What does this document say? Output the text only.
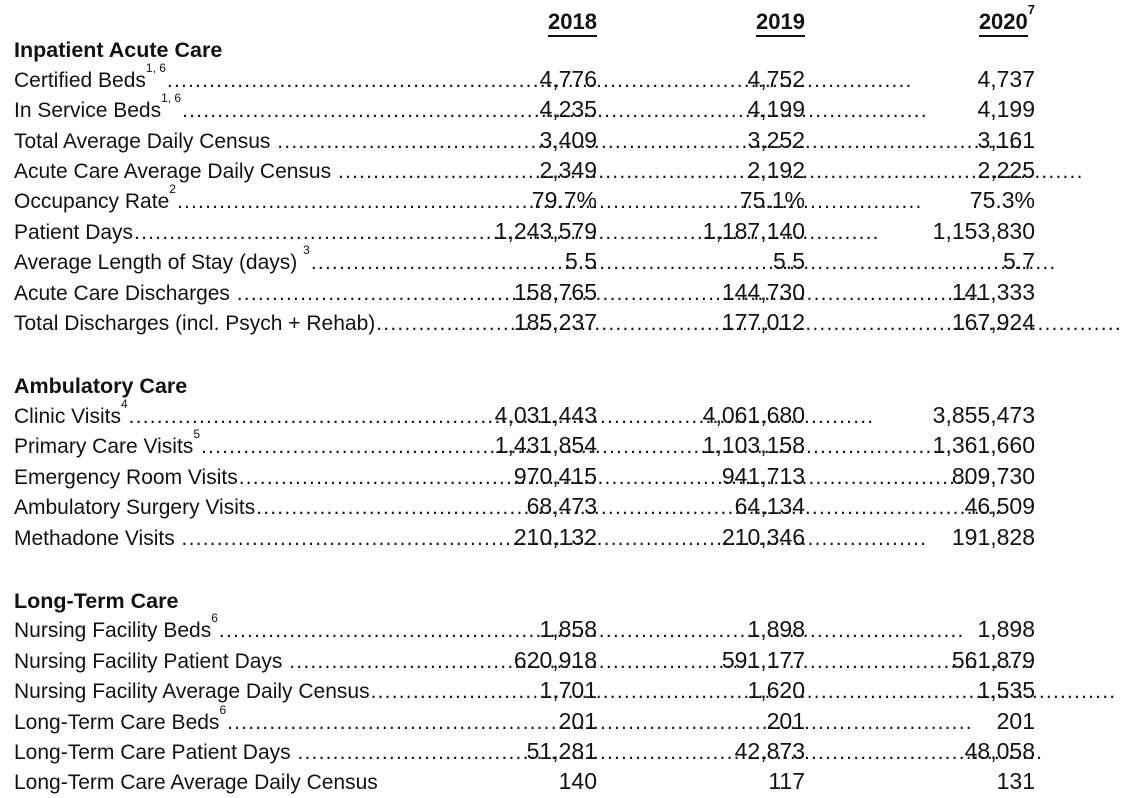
2018	2019	2020$^7$
Inpatient Acute Care
Certified Beds$^{1, 6}$ .....	4,776	4,752	4,737
In Service Beds$^{1, 6}$ .....	4,235	4,199	4,199
Total Average Daily Census .....	3,409	3,252	3,161
Acute Care Average Daily Census .....	2,349	2,192	2,225
Occupancy Rate$^2$ .....	79.7%	75.1%	75.3%
Patient Days .....	1,243,579	1,187,140	1,153,830
Average Length of Stay (days) $^3$ .....	5.5	5.5	5.7
Acute Care Discharges .....	158,765	144,730	141,333
Total Discharges (incl. Psych + Rehab) .....	185,237	177,012	167,924
Ambulatory Care
Clinic Visits$^4$ .....	4,031,443	4,061,680	3,855,473
Primary Care Visits$^5$ .....	1,431,854	1,103,158	1,361,660
Emergency Room Visits .....	970,415	941,713	809,730
Ambulatory Surgery Visits .....	68,473	64,134	46,509
Methadone Visits .....	210,132	210,346	191,828
Long-Term Care
Nursing Facility Beds$^6$ .....	1,858	1,898	1,898
Nursing Facility Patient Days .....	620,918	591,177	561,879
Nursing Facility Average Daily Census .....	1,701	1,620	1,535
Long-Term Care Beds$^6$ .....	201	201	201
Long-Term Care Patient Days .....	51,281	42,873	48,058
Long-Term Care Average Daily Census .....	140	117	131
